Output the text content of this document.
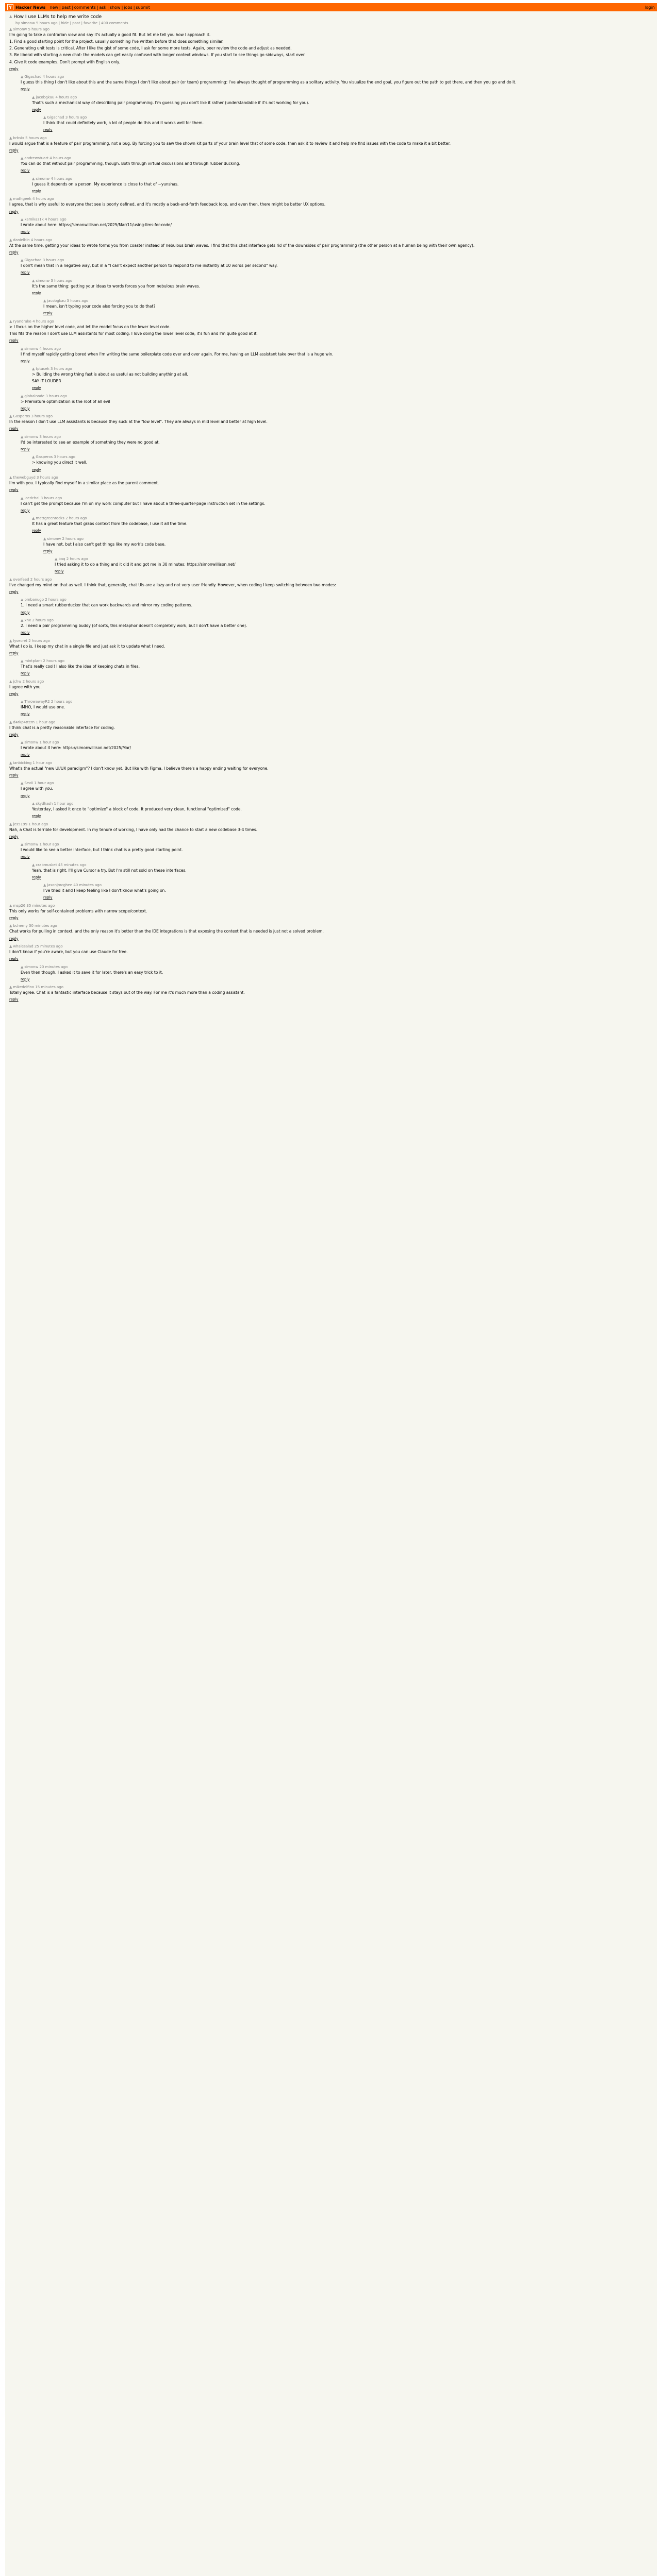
Y Hacker News new | past | comments | ask | show | jobs | submit	login
▲ How I use LLMs to help me write code
by simonw 5 hours ago | hide | past | favorite | 400 comments
▲ simonw 5 hours ago

I'm going to take a contrarian view and say it's actually a good fit. But let me tell you how I approach it.

1. Find a good starting point for the project, usually something I've written before that does something similar.

2. Generating unit tests is critical. After I like the gist of some code, I ask for some more tests. Again, peer review the code and adjust as needed.

3. Be liberal with starting a new chat: the models can get easily confused with longer context windows. If you start to see things go sideways, start over.

4. Give it code examples. Don't prompt with English only.

reply

▲ Gigachad 4 hours ago

I guess this thing I don't like about this and the same things I don't like about pair (or team) programming: I've always thought of programming as a solitary activity. You visualize the end goal, you figure out the path to get there, and then you go and do it.

reply

▲ jacobgkau 4 hours ago

That's such a mechanical way of describing pair programming. I'm guessing you don't like it rather (understandable if it's not working for you).

reply

▲ Gigachad 3 hours ago

I think that could definitely work, a lot of people do this and it works well for them.

reply

▲ brbsix 5 hours ago

I would argue that is a feature of pair programming, not a bug. By forcing you to saw the shown kit parts of your brain level that of some code, then ask it to review it and help me find issues with the code to make it a bit better.

reply

▲ andrewstuart 4 hours ago

You can do that without pair programming, though. Both through virtual discussions and through rubber ducking.

reply

▲ simonw 4 hours ago

I guess it depends on a person. My experience is close to that of ~yunshas.

reply

▲ mathgeek 4 hours ago

I agree, that is why useful to everyone that see is poorly defined, and it's mostly a back-and-forth feedback loop, and even then, there might be better UX options.

reply

▲ kamikaz1k 4 hours ago

I wrote about here: https://simonwillison.net/2025/Mar/11/using-llms-for-code/

reply

▲ danielbln 4 hours ago

At the same time, getting your ideas to wrote forms you from coaster instead of nebulous brain waves. I find that this chat interface gets rid of the downsides of pair programming (the other person at a human being with their own agency).

reply

▲ Gigachad 3 hours ago

I don't mean that in a negative way, but in a "I can't expect another person to respond to me instantly at 10 words per second" way.

reply

▲ simonw 3 hours ago

It's the same thing: getting your ideas to words forces you from nebulous brain waves.

reply

▲ jacobgkau 3 hours ago

I mean, isn't typing your code also forcing you to do that?

reply

▲ ryandrake 4 hours ago

> I focus on the higher level code, and let the model focus on the lower level code.

This fits the reason I don't use LLM assistants for most coding: I love doing the lower level code, it's fun and I'm quite good at it.

reply

▲ simonw 4 hours ago

I find myself rapidly getting bored when I'm writing the same boilerplate code over and over again. For me, having an LLM assistant take over that is a huge win.

reply

▲ tptacek 3 hours ago

> Building the wrong thing fast is about as useful as not building anything at all.

SAY IT LOUDER

reply

▲ globalnode 3 hours ago

> Premature optimization is the root of all evil

reply

▲ Gasperos 3 hours ago

In the reason I don't use LLM assistants is because they suck at the "low level". They are always in mid level and better at high level.

reply

▲ simonw 3 hours ago

I'd be interested to see an example of something they were no good at.

reply

▲ Gasperos 3 hours ago

> knowing you direct it well.

reply

▲ thewebguyd 3 hours ago

I'm with you. I typically find myself in a similar place as the parent comment.

reply

▲ icedchai 3 hours ago

I can't get the prompt because I'm on my work computer but I have about a three-quarter-page instruction set in the settings.

reply

▲ mattgreenrocks 2 hours ago

It has a great feature that grabs context from the codebase, I use it all the time.

reply

▲ simonw 2 hours ago

I have not, but I also can't get things like my work's code base.

reply

▲ baq 2 hours ago

I tried asking it to do a thing and it did it and got me in 30 minutes: https://simonwillison.net/

reply

▲ overfeed 2 hours ago

I've changed my mind on that as well. I think that, generally, chat UIs are a lazy and not very user friendly. However, when coding I keep switching between two modes:

reply

▲ pmbanugo 2 hours ago

1. I need a smart rubberducker that can work backwards and mirror my coding patterns.

reply

▲ xnx 2 hours ago

2. I need a pair programming buddy (of sorts, this metaphor doesn't completely work, but I don't have a better one).

reply

▲ lysecret 2 hours ago

What I do is, I keep my chat in a single file and just ask it to update what I need.

reply

▲ mintplant 2 hours ago

That's really cool! I also like the idea of keeping chats in files.

reply

▲ jchw 2 hours ago

I agree with you.

reply

▲ ThrowawayR2 2 hours ago

IMHO, I would use one.

reply

▲ d4rkp4ttern 1 hour ago

I think chat is a pretty reasonable interface for coding.

reply

▲ simonw 1 hour ago

I wrote about it here: https://simonwillison.net/2025/Mar/

reply

▲ ianbicking 1 hour ago

What's the actual "new UI/UX paradigm"? I don't know yet. But like with Figma, I believe there's a happy ending waiting for everyone.

reply

▲ Sevii 1 hour ago

I agree with you.

reply

▲ skydhash 1 hour ago

Yesterday, I asked it once to "optimize" a block of code. It produced very clean, functional "optimized" code.

reply

▲ jes5199 1 hour ago

Nah, a Chat is terrible for development. In my tenure of working, I have only had the chance to start a new codebase 3-4 times.

reply

▲ simonw 1 hour ago

I would like to see a better interface, but I think chat is a pretty good starting point.

reply

▲ crabmusket 45 minutes ago

Yeah, that is right. I'll give Cursor a try. But I'm still not sold on these interfaces.

reply

▲ jasonjmcghee 40 minutes ago

I've tried it and I keep feeling like I don't know what's going on.

reply

▲ msp26 35 minutes ago

This only works for self-contained problems with narrow scope/context.

reply

▲ bcherny 30 minutes ago

Chat works for pulling in context, and the only reason it's better than the IDE integrations is that exposing the context that is needed is just not a solved problem.

reply

▲ whalesalad 25 minutes ago

I don't know if you're aware, but you can use Claude for free.

reply

▲ simonw 20 minutes ago

Even then though, I asked it to save it for later, there's an easy trick to it.

reply

▲ mikedelfino 15 minutes ago

Totally agree. Chat is a fantastic interface because it stays out of the way. For me it's much more than a coding assistant.

reply
